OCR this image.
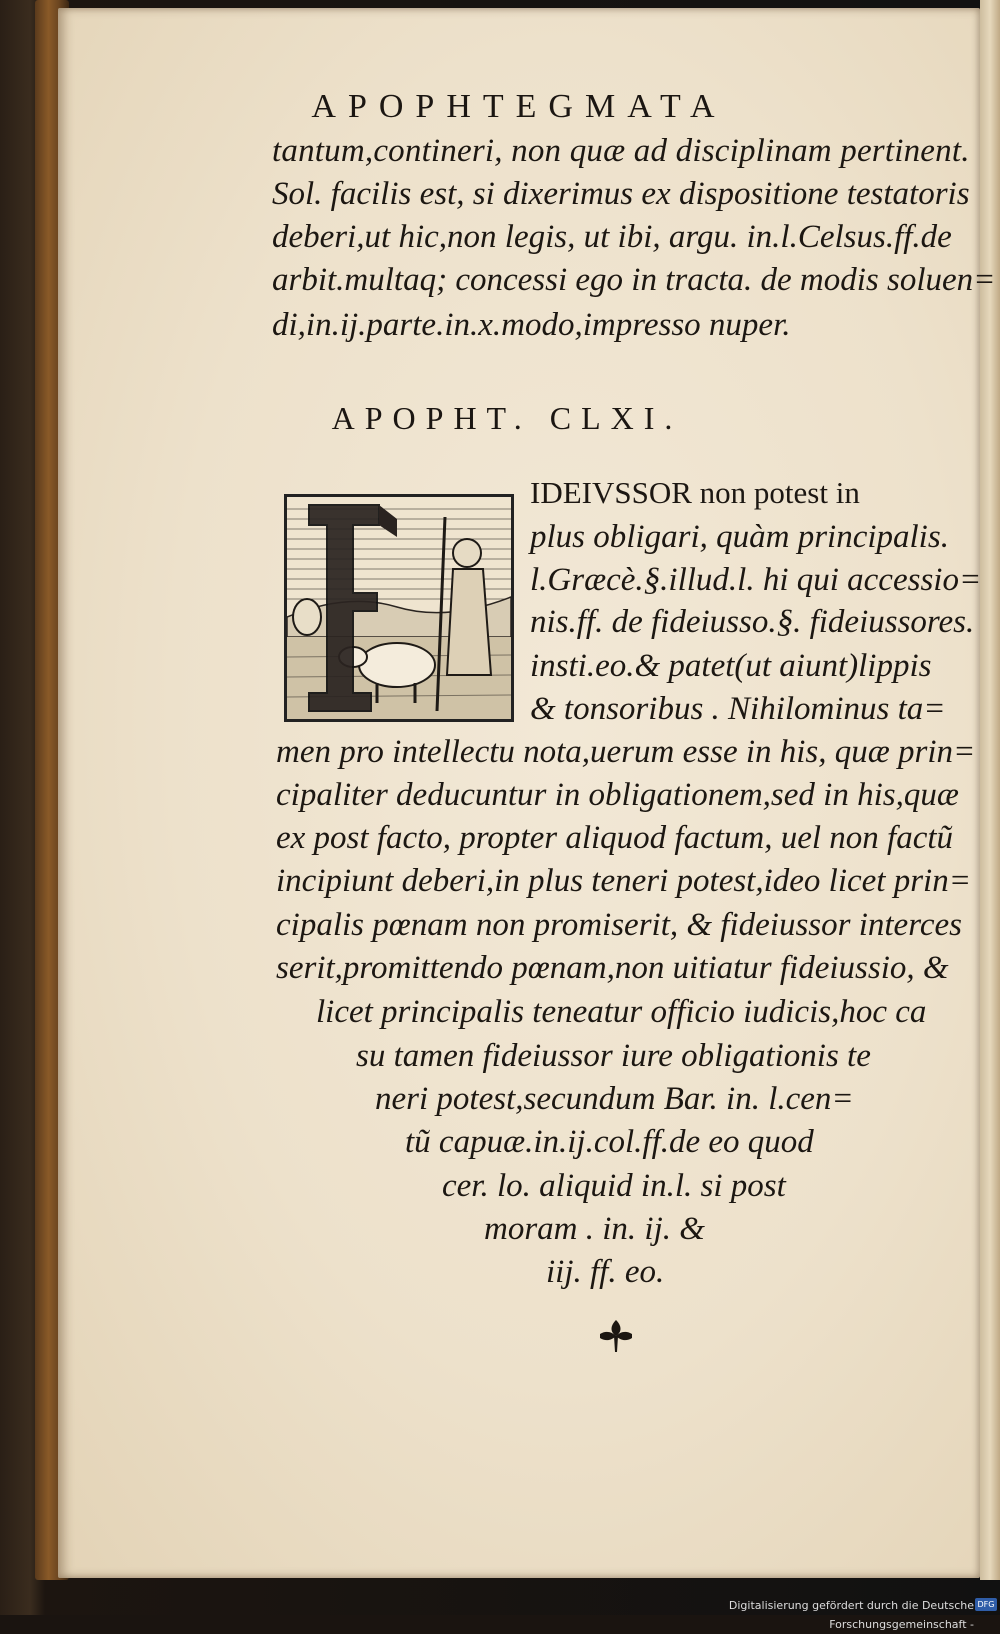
APOPHTEGMATA
tantum,contineri, non quæ ad disciplinam pertinent.
Sol. facilis est, si dixerimus ex dispositione testatoris
deberi,ut hic,non legis, ut ibi, argu. in.l.Celsus.ff.de
arbit.multaq; concessi ego in tracta. de modis soluen=
di,in.ij.parte.in.x.modo,impresso nuper.
APOPHT. CLXI.
IDEIVSSOR non potest in
plus obligari, quàm principalis.
l.Græcè.§.illud.l. hi qui accessio=
nis.ff. de fideiusso.§. fideiussores.
insti.eo.& patet(ut aiunt)lippis
& tonsoribus . Nihilominus ta=
men pro intellectu nota,uerum esse in his, quæ prin=
cipaliter deducuntur in obligationem,sed in his,quæ
ex post facto, propter aliquod factum, uel non factũ
incipiunt deberi,in plus teneri potest,ideo licet prin=
cipalis pœnam non promiserit, & fideiussor interces
serit,promittendo pœnam,non uitiatur fideiussio, &
licet principalis teneatur officio iudicis,hoc ca
su tamen fideiussor iure obligationis te
neri potest,secundum Bar. in. l.cen=
tũ capuæ.in.ij.col.ff.de eo quod
cer. lo. aliquid in.l. si post
moram . in. ij. &
iij. ff. eo.
Digitalisierung gefördert durch die Deutsche Forschungsgemeinschaft -
DFG
